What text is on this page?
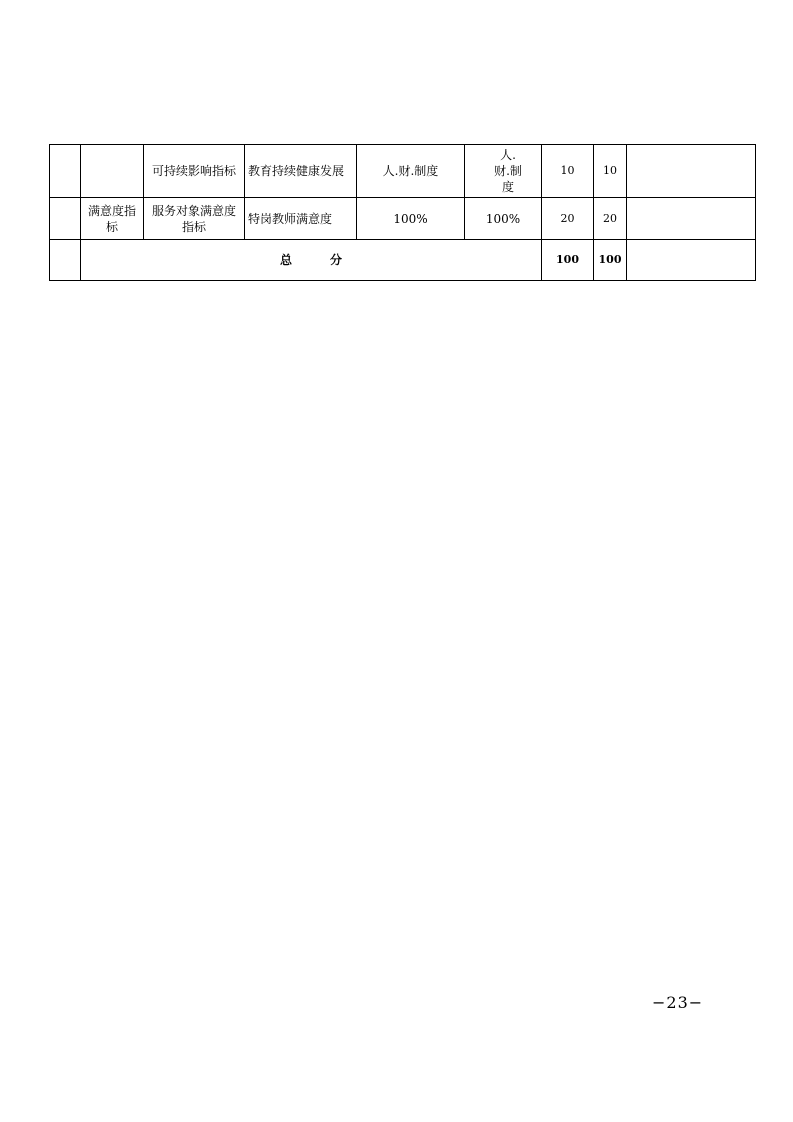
		可持续影响指标	教育持续健康发展	人.财.制度	人.财.制度	10	10	
	满意度指标	服务对象满意度指标	特岗教师满意度	100%	100%	20	20	
	总 分					100	100	
−23−
